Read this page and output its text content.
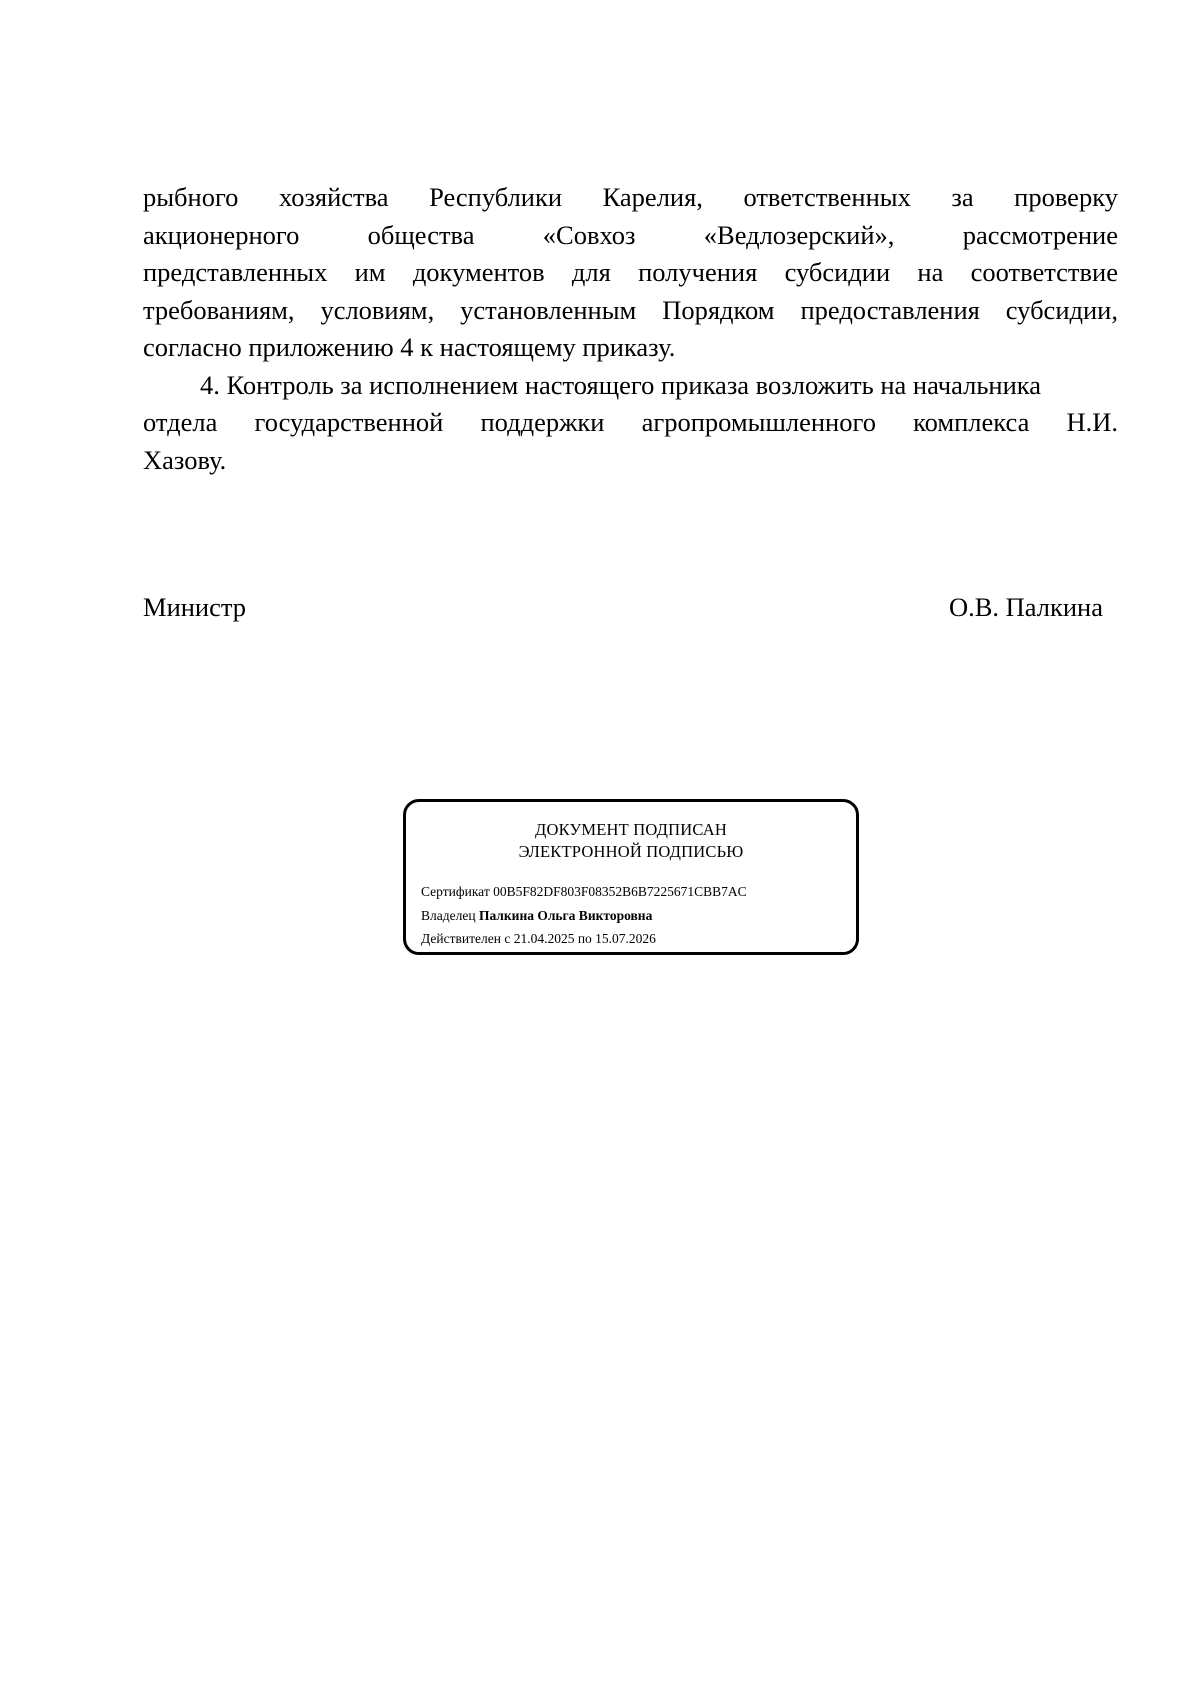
рыбного хозяйства Республики Карелия, ответственных за проверку
акционерного	общества	«Совхоз	«Ведлозерский»,	рассмотрение
представленных им документов для получения субсидии на соответствие
требованиям, условиям, установленным Порядком предоставления субсидии,
согласно приложению 4 к настоящему приказу.
4. Контроль за исполнением настоящего приказа возложить на начальника
отдела государственной поддержки агропромышленного комплекса Н.И.
Хазову.
Министр	О.В. Палкина
ДОКУМЕНТ ПОДПИСАН
ЭЛЕКТРОННОЙ ПОДПИСЬЮ
Сертификат 00B5F82DF803F08352B6B7225671CBB7AC
Владелец Палкина Ольга Викторовна
Действителен с 21.04.2025 по 15.07.2026
